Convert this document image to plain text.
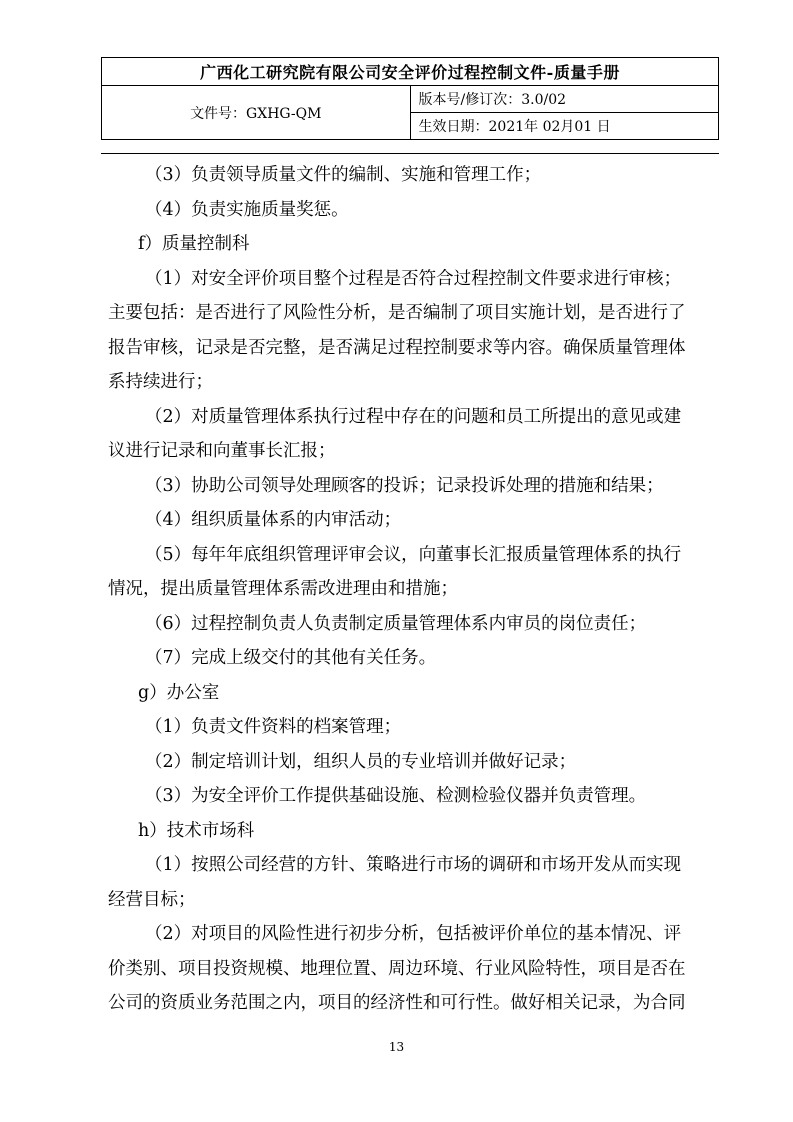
广西化工研究院有限公司安全评价过程控制文件-质量手册
文件号：GXHG-QM	版本号/修订次：3.0/02
生效日期：2021年 02月01 日

（3）负责领导质量文件的编制、实施和管理工作；

（4）负责实施质量奖惩。

f）质量控制科

（1）对安全评价项目整个过程是否符合过程控制文件要求进行审核；

主要包括：是否进行了风险性分析，是否编制了项目实施计划，是否进行了

报告审核，记录是否完整，是否满足过程控制要求等内容。确保质量管理体

系持续进行；

（2）对质量管理体系执行过程中存在的问题和员工所提出的意见或建

议进行记录和向董事长汇报；

（3）协助公司领导处理顾客的投诉；记录投诉处理的措施和结果；

（4）组织质量体系的内审活动；

（5）每年年底组织管理评审会议，向董事长汇报质量管理体系的执行

情况，提出质量管理体系需改进理由和措施；

（6）过程控制负责人负责制定质量管理体系内审员的岗位责任；

（7）完成上级交付的其他有关任务。

g）办公室

（1）负责文件资料的档案管理；

（2）制定培训计划，组织人员的专业培训并做好记录；

（3）为安全评价工作提供基础设施、检测检验仪器并负责管理。

h）技术市场科

（1）按照公司经营的方针、策略进行市场的调研和市场开发从而实现

经营目标；

（2）对项目的风险性进行初步分析，包括被评价单位的基本情况、评

价类别、项目投资规模、地理位置、周边环境、行业风险特性，项目是否在

公司的资质业务范围之内，项目的经济性和可行性。做好相关记录，为合同

13
